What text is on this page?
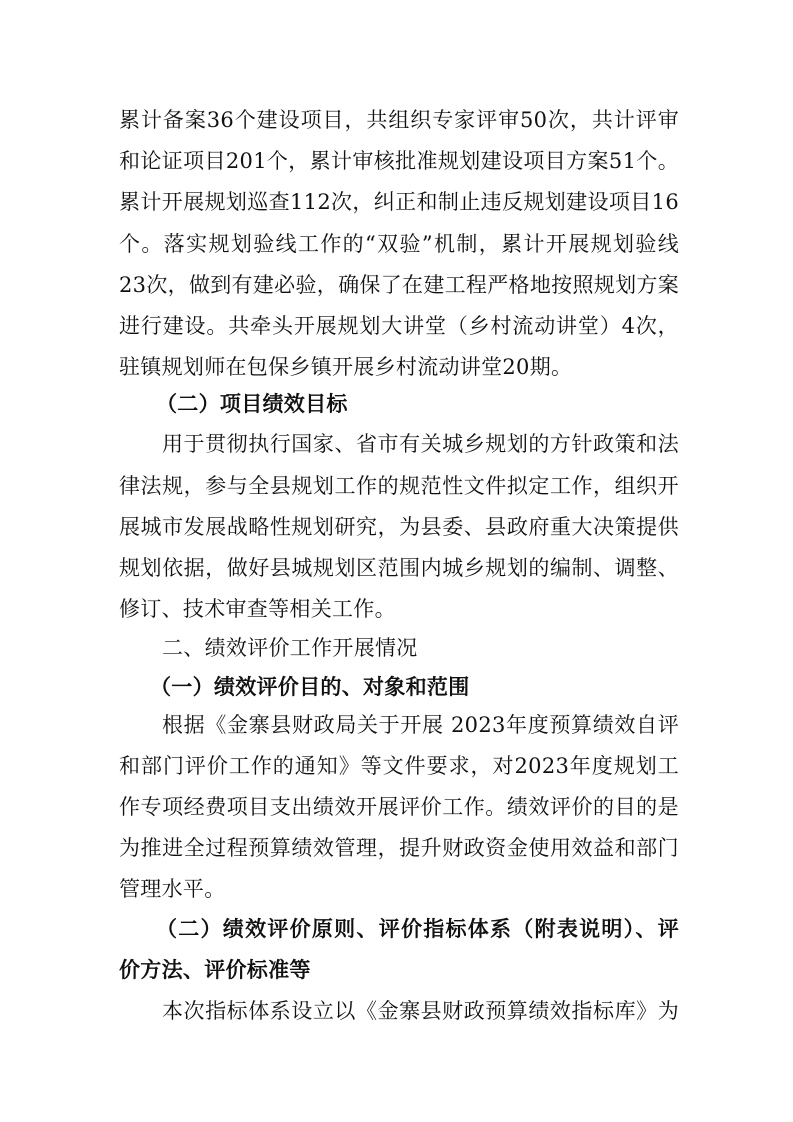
累计备案36个建设项目，共组织专家评审50次，共计评审
和论证项目201个，累计审核批准规划建设项目方案51个。
累计开展规划巡查112次，纠正和制止违反规划建设项目16
个。落实规划验线工作的“双验”机制，累计开展规划验线
23次，做到有建必验，确保了在建工程严格地按照规划方案
进行建设。共牵头开展规划大讲堂（乡村流动讲堂）4次，
驻镇规划师在包保乡镇开展乡村流动讲堂20期。
（二）项目绩效目标
用于贯彻执行国家、省市有关城乡规划的方针政策和法
律法规，参与全县规划工作的规范性文件拟定工作，组织开
展城市发展战略性规划研究，为县委、县政府重大决策提供
规划依据，做好县城规划区范围内城乡规划的编制、调整、
修订、技术审查等相关工作。
二、绩效评价工作开展情况
（一）绩效评价目的、对象和范围
根据《金寨县财政局关于开展 2023年度预算绩效自评
和部门评价工作的通知》等文件要求，对2023年度规划工
作专项经费项目支出绩效开展评价工作。绩效评价的目的是
为推进全过程预算绩效管理，提升财政资金使用效益和部门
管理水平。
（二）绩效评价原则、评价指标体系（附表说明）、评
价方法、评价标准等
本次指标体系设立以《金寨县财政预算绩效指标库》为
